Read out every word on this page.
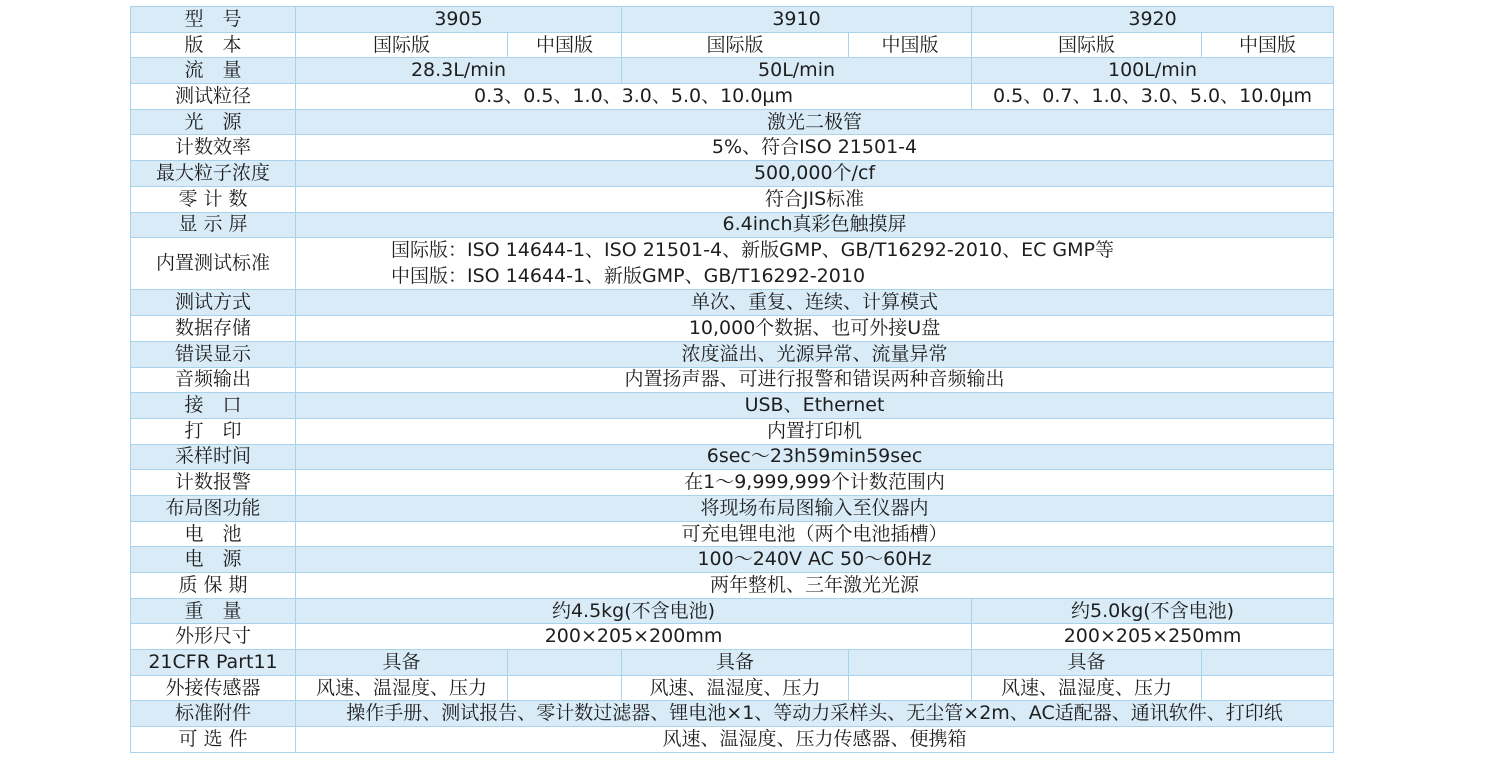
型　号	3905		3910		3920	
版　本	国际版	中国版	国际版	中国版	国际版	中国版
流　量	28.3L/min		50L/min		100L/min	
测试粒径	0.3、0.5、1.0、3.0、5.0、10.0μm				0.5、0.7、1.0、3.0、5.0、10.0μm	
光　源	激光二极管					
计数效率	5%、符合ISO 21501-4					
最大粒子浓度	500,000个/cf					
零 计 数	符合JIS标准					
显 示 屏	6.4inch真彩色触摸屏					
内置测试标准	国际版：ISO 14644-1、ISO 21501-4、新版GMP、GB/T16292-2010、EC GMP等
中国版：ISO 14644-1、新版GMP、GB/T16292-2010					

测试方式	单次、重复、连续、计算模式					
数据存储	10,000个数据、也可外接U盘					
错误显示	浓度溢出、光源异常、流量异常					
音频输出	内置扬声器、可进行报警和错误两种音频输出					
接　口	USB、Ethernet					
打　印	内置打印机					
采样时间	6sec～23h59min59sec					
计数报警	在1～9,999,999个计数范围内					
布局图功能	将现场布局图输入至仪器内					
电　池	可充电锂电池（两个电池插槽）					
电　源	100～240V AC 50～60Hz					
质 保 期	两年整机、三年激光光源					
重　量	约4.5kg(不含电池)				约5.0kg(不含电池)	
外形尺寸	200×205×200mm				200×205×250mm	
21CFR Part11	具备		具备		具备	
外接传感器	风速、温湿度、压力		风速、温湿度、压力		风速、温湿度、压力	
标准附件	操作手册、测试报告、零计数过滤器、锂电池×1、等动力采样头、无尘管×2m、AC适配器、通讯软件、打印纸					
可 选 件	风速、温湿度、压力传感器、便携箱					
